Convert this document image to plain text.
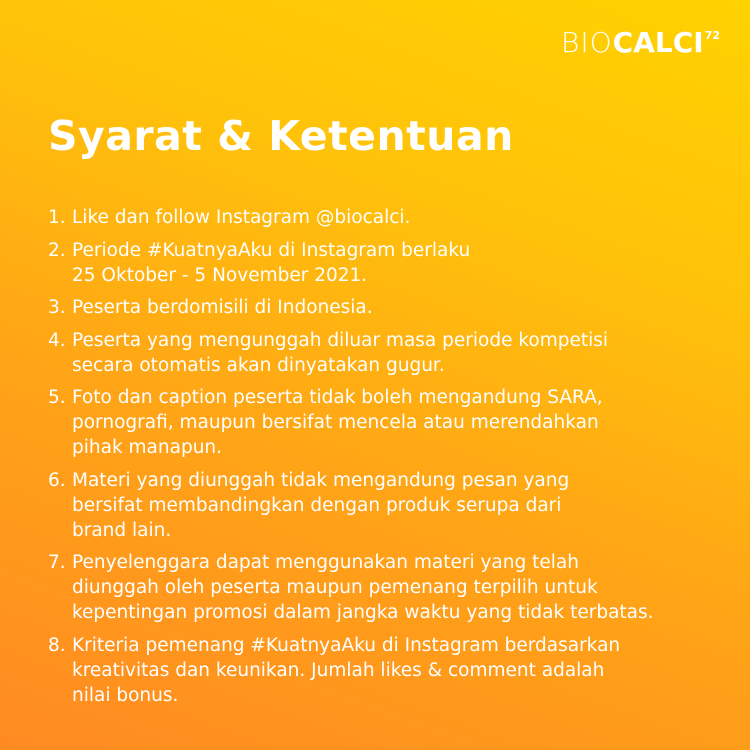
BIO CALCI 72
Syarat & Ketentuan
1. Like dan follow Instagram @biocalci.
2. Periode #KuatnyaAku di Instagram berlaku
25 Oktober - 5 November 2021.
3. Peserta berdomisili di Indonesia.
4. Peserta yang mengunggah diluar masa periode kompetisi
secara otomatis akan dinyatakan gugur.
5. Foto dan caption peserta tidak boleh mengandung SARA,
pornografi, maupun bersifat mencela atau merendahkan
pihak manapun.
6. Materi yang diunggah tidak mengandung pesan yang
bersifat membandingkan dengan produk serupa dari
brand lain.
7. Penyelenggara dapat menggunakan materi yang telah
diunggah oleh peserta maupun pemenang terpilih untuk
kepentingan promosi dalam jangka waktu yang tidak terbatas.
8. Kriteria pemenang #KuatnyaAku di Instagram berdasarkan
kreativitas dan keunikan. Jumlah likes & comment adalah
nilai bonus.
